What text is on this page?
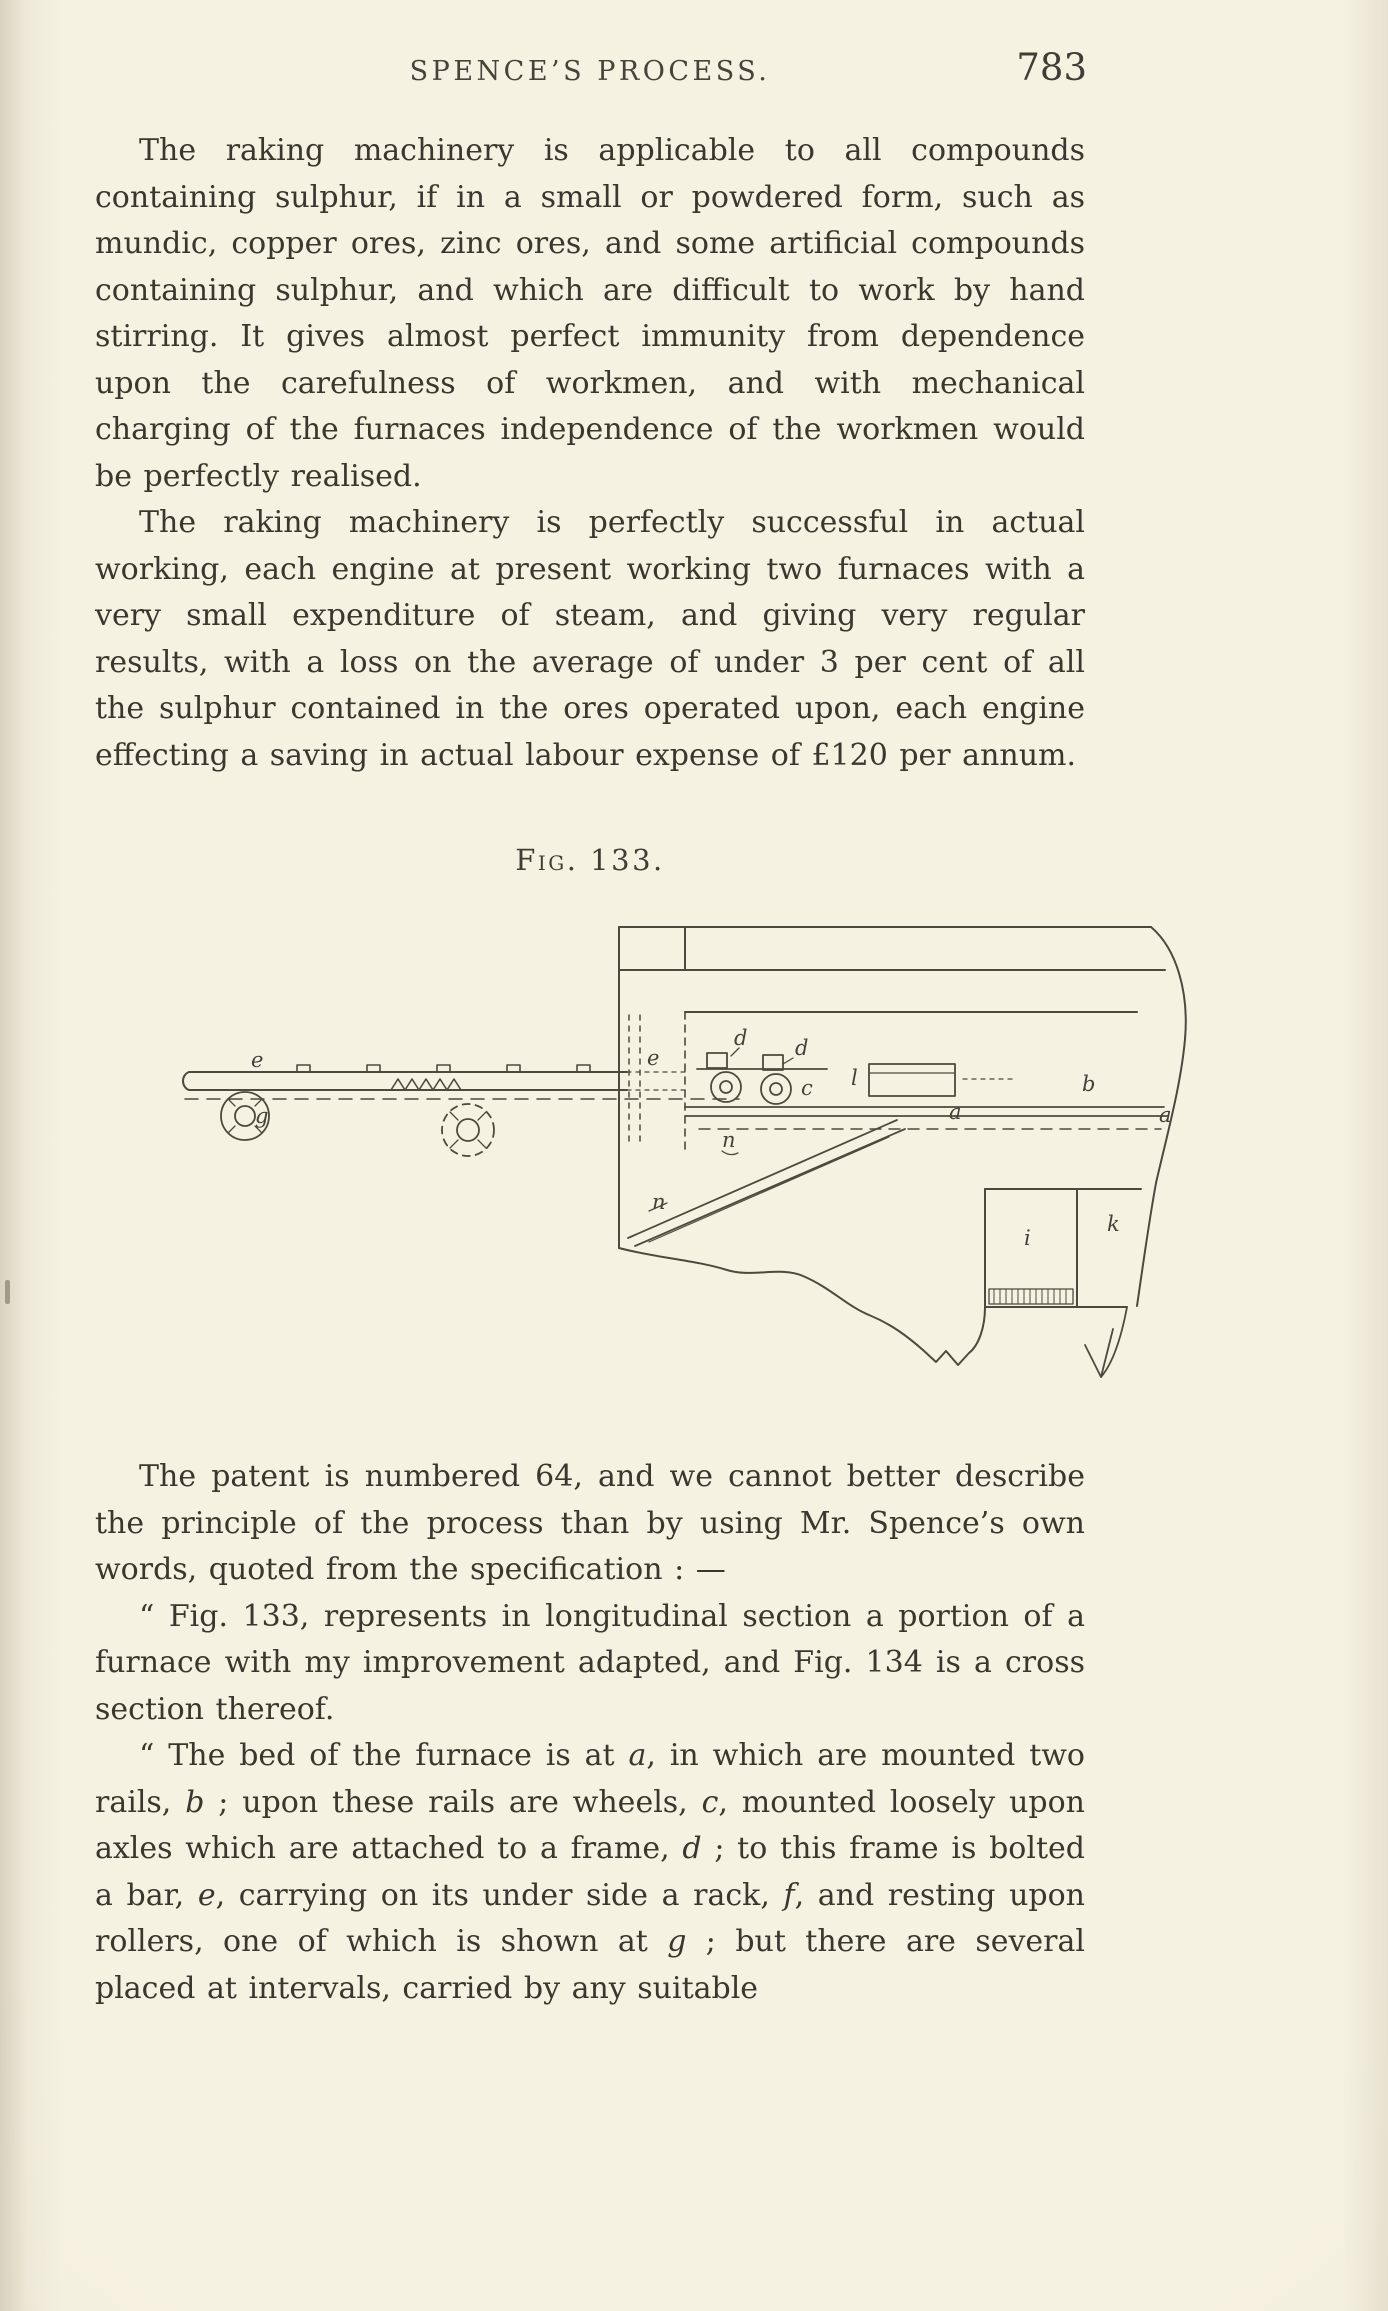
SPENCE’S PROCESS.	783

The raking machinery is applicable to all compounds containing sulphur, if in a small or powdered form, such as mundic, copper ores, zinc ores, and some artificial compounds containing sulphur, and which are difficult to work by hand stirring. It gives almost perfect immunity from dependence upon the carefulness of workmen, and with mechanical charging of the furnaces independence of the workmen would be perfectly realised.

The raking machinery is perfectly successful in actual working, each engine at present working two furnaces with a very small expenditure of steam, and giving very regular results, with a loss on the average of under 3 per cent of all the sulphur contained in the ores operated upon, each engine effecting a saving in actual labour expense of £120 per annum.

Fig. 133.
e
g
e
d d
c l	b
a	a
n
n
i
k

The patent is numbered 64, and we cannot better describe the principle of the process than by using Mr. Spence’s own words, quoted from the specification : —

“ Fig. 133, represents in longitudinal section a portion of a furnace with my improvement adapted, and Fig. 134 is a cross section thereof.

“ The bed of the furnace is at a, in which are mounted two rails, b ; upon these rails are wheels, c, mounted loosely upon axles which are attached to a frame, d ; to this frame is bolted a bar, e, carrying on its under side a rack, f, and resting upon rollers, one of which is shown at g ; but there are several placed at intervals, carried by any suitable
